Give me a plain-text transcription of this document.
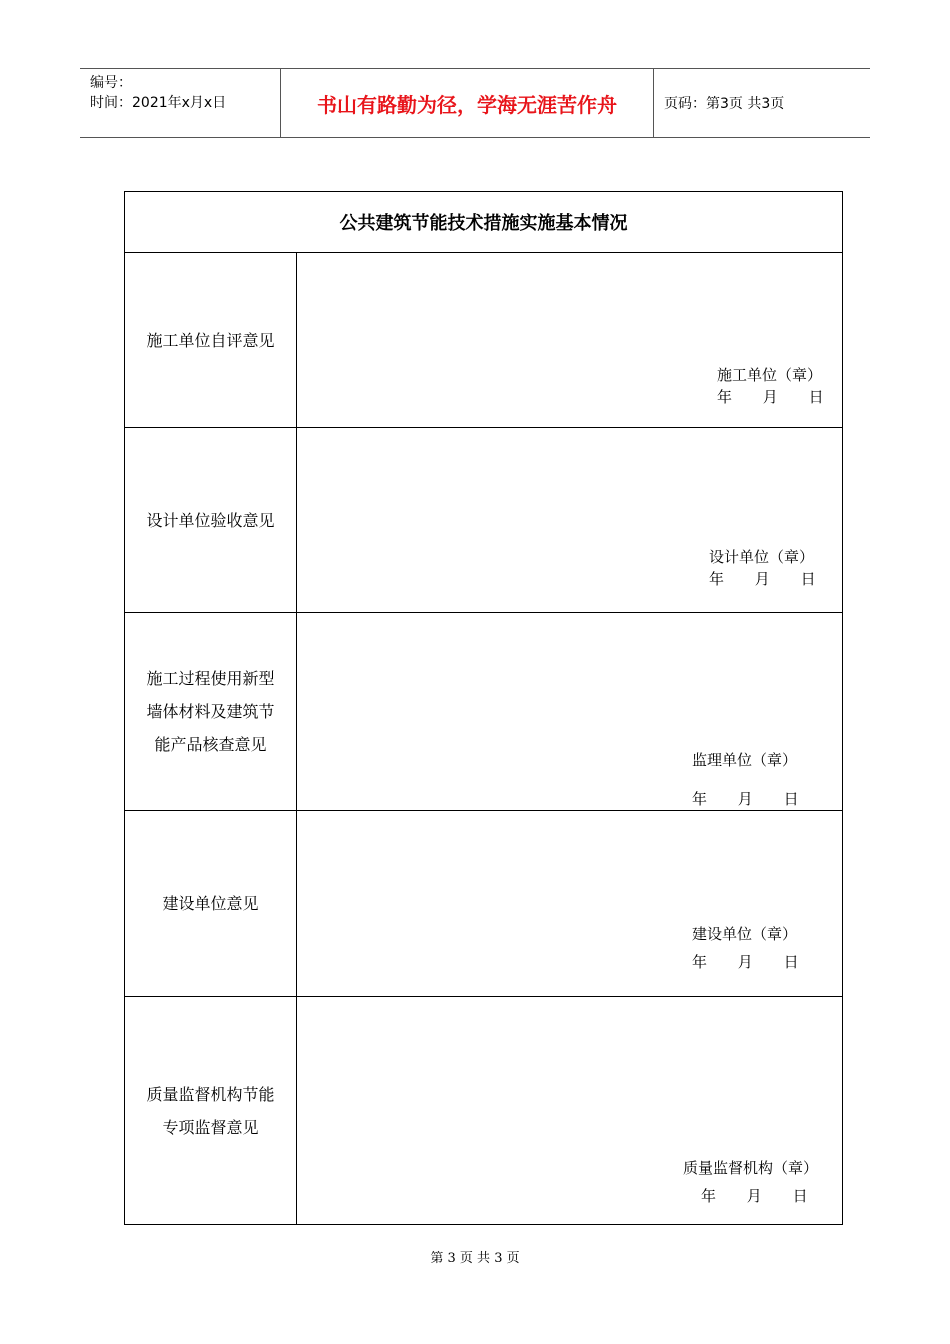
编号：
时间：2021年x月x日	书山有路勤为径，学海无涯苦作舟	页码：第3页 共3页
公共建筑节能技术措施实施基本情况
施工单位自评意见
施工单位（章）
年 月 日
设计单位验收意见
设计单位（章）
年 月 日
施工过程使用新型
墙体材料及建筑节
能产品核查意见
监理单位（章）
年 月 日
建设单位意见
建设单位（章）
年 月 日
质量监督机构节能
专项监督意见
质量监督机构（章）
年 月 日
第 3 页 共 3 页
